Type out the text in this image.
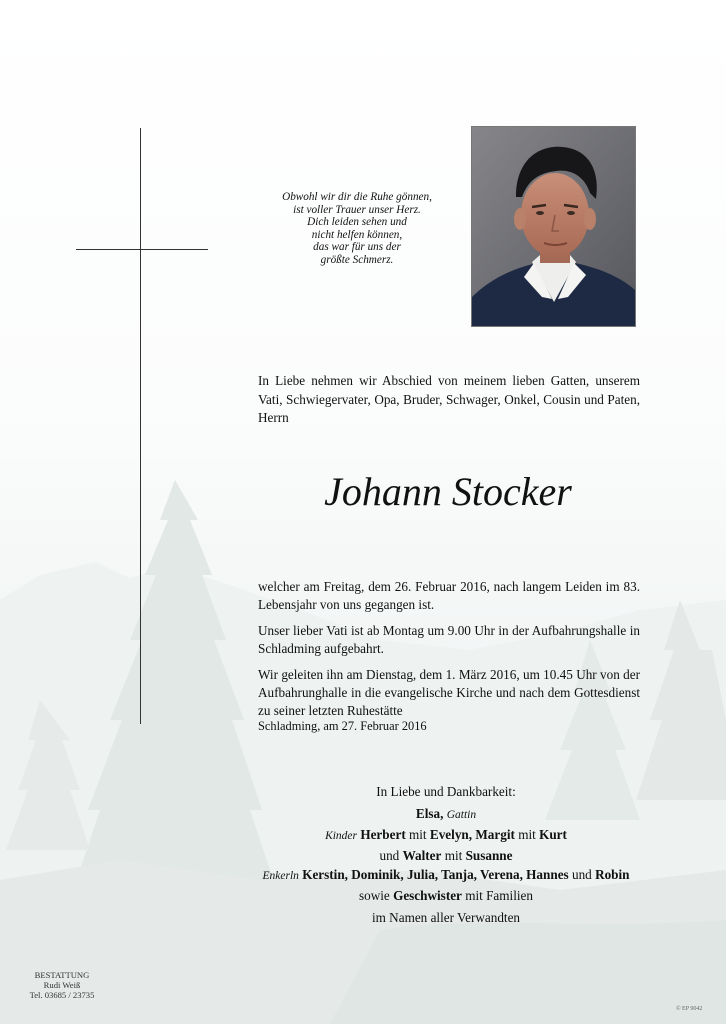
Obwohl wir dir die Ruhe gönnen,
ist voller Trauer unser Herz.
Dich leiden sehen und
nicht helfen können,
das war für uns der
größte Schmerz.
In Liebe nehmen wir Abschied von meinem lieben Gatten, unserem Vati, Schwiegervater, Opa, Bruder, Schwager, Onkel, Cousin und Paten, Herrn
Johann Stocker

welcher am Freitag, dem 26. Februar 2016, nach langem Leiden im 83. Lebensjahr von uns gegangen ist.

Unser lieber Vati ist ab Montag um 9.00 Uhr in der Aufbahrungshalle in Schladming aufgebahrt.

Wir geleiten ihn am Dienstag, dem 1. März 2016, um 10.45 Uhr von der Aufbahrunghalle in die evangelische Kirche und nach dem Gottesdienst zu seiner letzten Ruhestätte

Schladming, am 27. Februar 2016
In Liebe und Dankbarkeit:
Elsa, Gattin
Kinder Herbert mit Evelyn, Margit mit Kurt
und Walter mit Susanne
Enkerln Kerstin, Dominik, Julia, Tanja, Verena, Hannes und Robin
sowie Geschwister mit Familien
im Namen aller Verwandten
BESTATTUNG
Rudi Weiß
Tel. 03685 / 23735
© EP 9042
